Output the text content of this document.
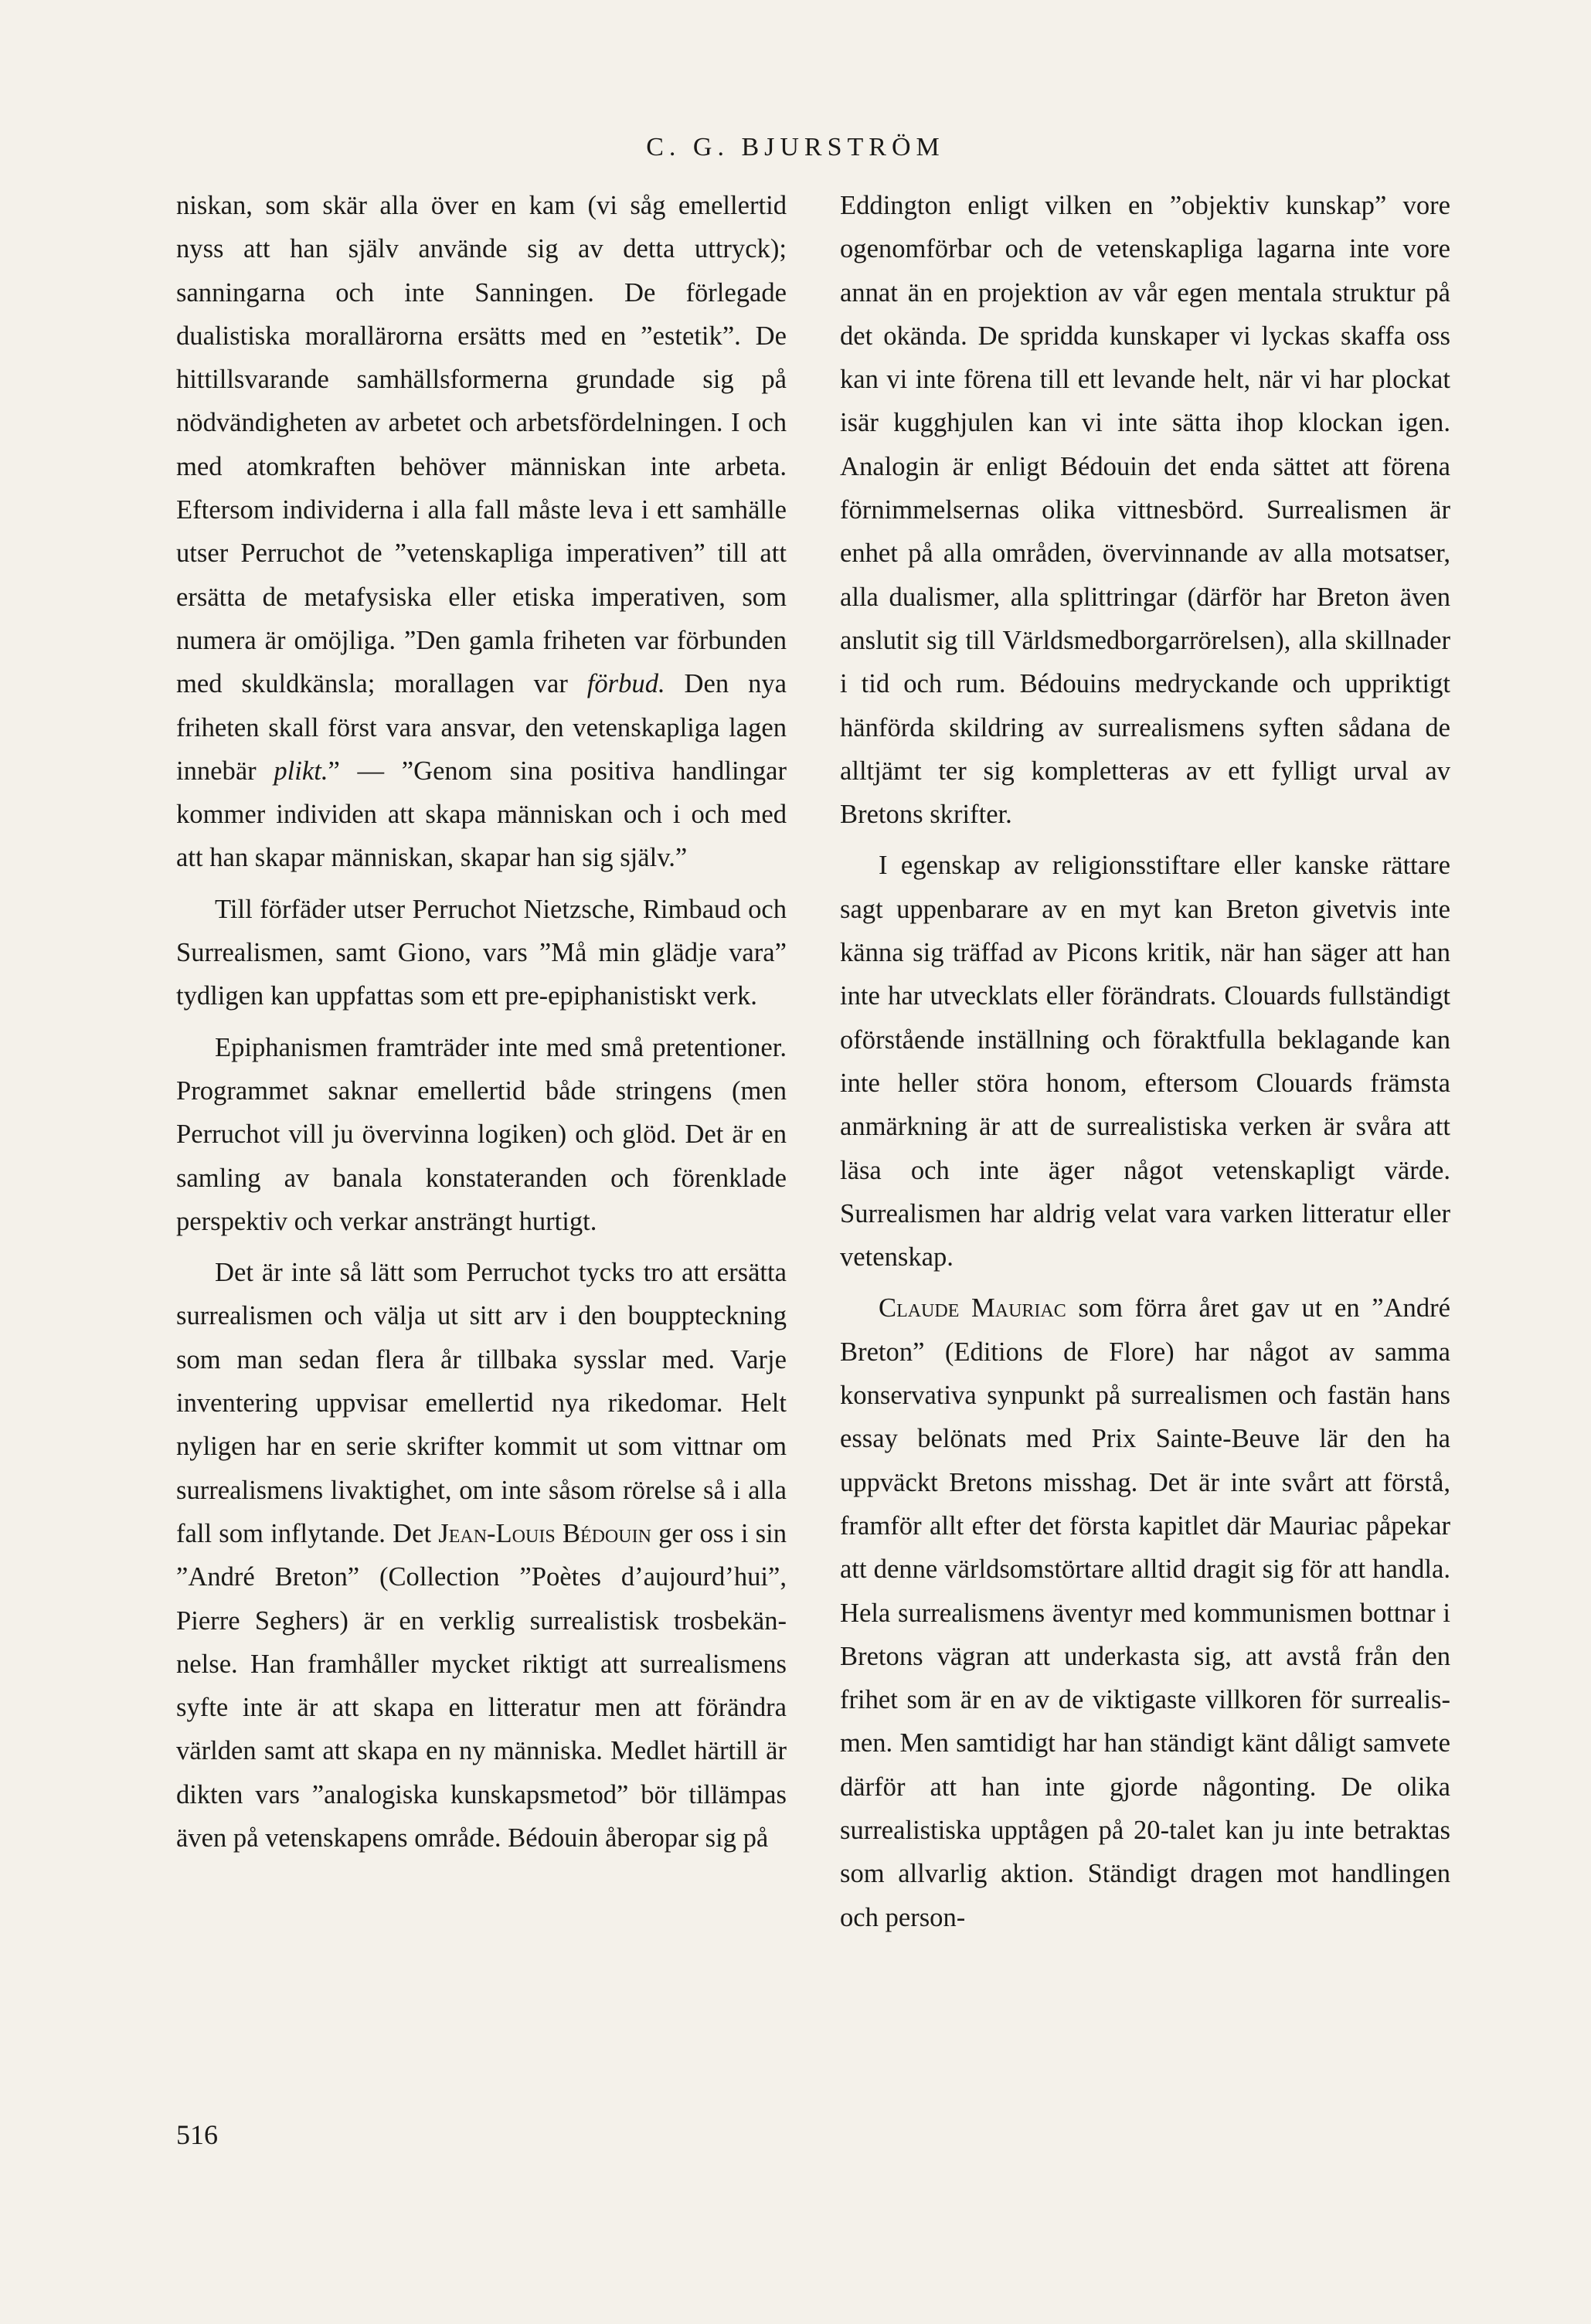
C. G. BJURSTRÖM

niskan, som skär alla över en kam (vi såg emellertid nyss att han själv använde sig av detta uttryck); sanningarna och inte Sanningen. De förlegade dualistiska morallärorna ersätts med en ”estetik”. De hittillsvarande samhällsformerna grundade sig på nödvändigheten av arbetet och arbetsfördelningen. I och med atomkraften behöver människan inte arbeta. Eftersom individerna i alla fall måste leva i ett samhälle utser Perruchot de ”vetenskapliga imperativen” till att ersätta de metafysiska eller etiska imperativen, som numera är omöjliga. ”Den gamla friheten var förbunden med skuldkänsla; morallagen var förbud. Den nya friheten skall först vara ansvar, den vetenskapliga lagen innebär plikt.” — ”Genom sina positiva handlingar kommer individen att skapa människan och i och med att han skapar människan, skapar han sig själv.”

Till förfäder utser Perruchot Nietzsche, Rimbaud och Surrealismen, samt Giono, vars ”Må min glädje vara” tydligen kan uppfattas som ett pre-epiphanistiskt verk.

Epiphanismen framträder inte med små pretentioner. Programmet saknar emellertid både stringens (men Perruchot vill ju övervinna logiken) och glöd. Det är en samling av banala konstateranden och förenklade perspektiv och verkar ansträngt hurtigt.

Det är inte så lätt som Perruchot tycks tro att ersätta surrealismen och välja ut sitt arv i den bouppteckning som man sedan flera år tillbaka sysslar med. Varje inventering uppvisar emellertid nya rikedomar. Helt nyligen har en serie skrifter kommit ut som vittnar om surrealismens livaktighet, om inte såsom rörelse så i alla fall som inflytande. Det Jean-Louis Bédouin ger oss i sin ”André Breton” (Collection ”Poètes d’aujourd’hui”, Pierre Seghers) är en verklig surrealistisk trosbekännelse. Han framhåller mycket riktigt att surrealismens syfte inte är att skapa en litteratur men att förändra världen samt att skapa en ny människa. Medlet härtill är dikten vars ”analogiska kunskapsmetod” bör tillämpas även på vetenskapens område. Bédouin åberopar sig på

Eddington enligt vilken en ”objektiv kunskap” vore ogenomförbar och de vetenskapliga lagarna inte vore annat än en projektion av vår egen mentala struktur på det okända. De spridda kunskaper vi lyckas skaffa oss kan vi inte förena till ett levande helt, när vi har plockat isär kugghjulen kan vi inte sätta ihop klockan igen. Analogin är enligt Bédouin det enda sättet att förena förnimmelsernas olika vittnesbörd. Surrealismen är enhet på alla områden, övervinnande av alla motsatser, alla dualismer, alla splittringar (därför har Breton även anslutit sig till Världsmedborgarrörelsen), alla skillnader i tid och rum. Bédouins medryckande och uppriktigt hänförda skildring av surrealismens syften sådana de alltjämt ter sig kompletteras av ett fylligt urval av Bretons skrifter.

I egenskap av religionsstiftare eller kanske rättare sagt uppenbarare av en myt kan Breton givetvis inte känna sig träffad av Picons kritik, när han säger att han inte har utvecklats eller förändrats. Clouards fullständigt oförstående inställning och föraktfulla beklagande kan inte heller störa honom, eftersom Clouards främsta anmärkning är att de surrealistiska verken är svåra att läsa och inte äger något vetenskapligt värde. Surrealismen har aldrig velat vara varken litteratur eller vetenskap.

Claude Mauriac som förra året gav ut en ”André Breton” (Editions de Flore) har något av samma konservativa synpunkt på surrealismen och fastän hans essay belönats med Prix Sainte-Beuve lär den ha uppväckt Bretons misshag. Det är inte svårt att förstå, framför allt efter det första kapitlet där Mauriac påpekar att denne världsomstörtare alltid dragit sig för att handla. Hela surrealismens äventyr med kommunismen bottnar i Bretons vägran att underkasta sig, att avstå från den frihet som är en av de viktigaste villkoren för surrealismen. Men samtidigt har han ständigt känt dåligt samvete därför att han inte gjorde någonting. De olika surrealistiska upptågen på 20-talet kan ju inte betraktas som allvarlig aktion. Ständigt dragen mot handlingen och person-

516
